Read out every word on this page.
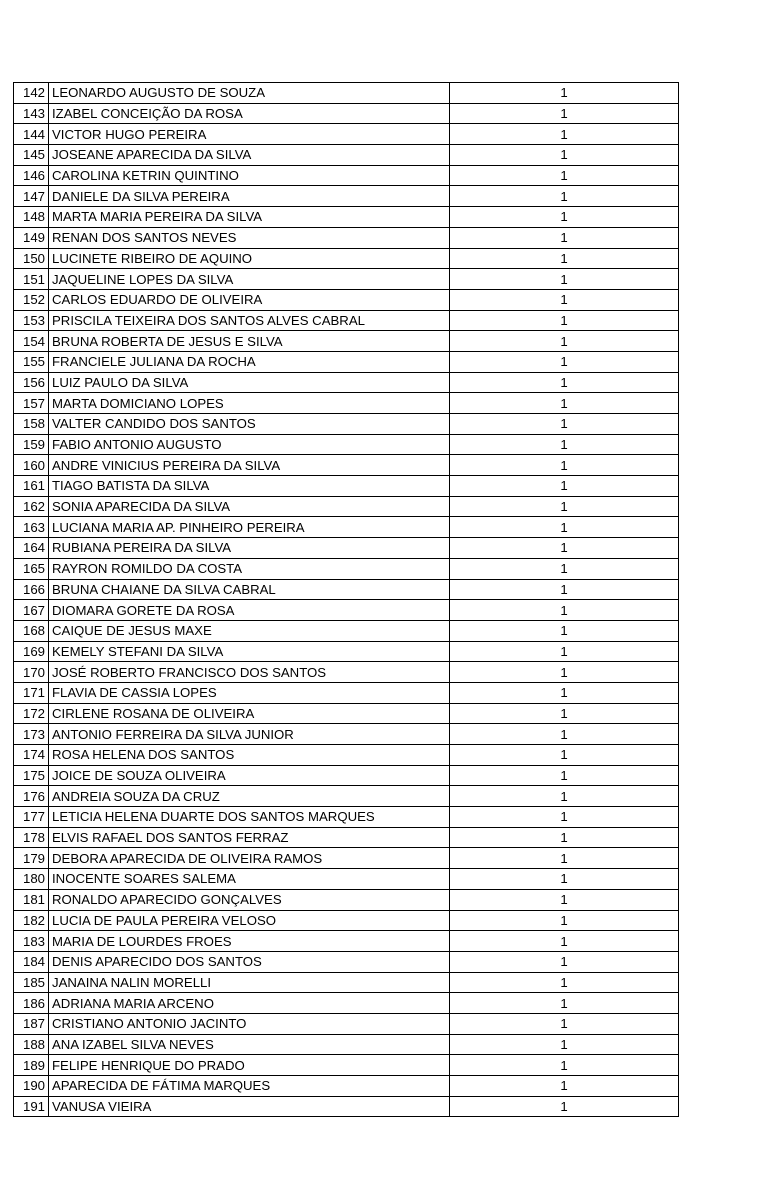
142	LEONARDO AUGUSTO DE SOUZA	1
143	IZABEL CONCEIÇÃO DA ROSA	1
144	VICTOR HUGO PEREIRA	1
145	JOSEANE APARECIDA DA SILVA	1
146	CAROLINA KETRIN QUINTINO	1
147	DANIELE DA SILVA PEREIRA	1
148	MARTA MARIA PEREIRA DA SILVA	1
149	RENAN DOS SANTOS NEVES	1
150	LUCINETE RIBEIRO DE AQUINO	1
151	JAQUELINE LOPES DA SILVA	1
152	CARLOS EDUARDO DE OLIVEIRA	1
153	PRISCILA TEIXEIRA DOS SANTOS ALVES CABRAL	1
154	BRUNA ROBERTA DE JESUS E SILVA	1
155	FRANCIELE JULIANA DA ROCHA	1
156	LUIZ PAULO DA SILVA	1
157	MARTA DOMICIANO LOPES	1
158	VALTER CANDIDO DOS SANTOS	1
159	FABIO ANTONIO AUGUSTO	1
160	ANDRE VINICIUS PEREIRA DA SILVA	1
161	TIAGO BATISTA DA SILVA	1
162	SONIA APARECIDA DA SILVA	1
163	LUCIANA MARIA AP. PINHEIRO PEREIRA	1
164	RUBIANA PEREIRA DA SILVA	1
165	RAYRON ROMILDO DA COSTA	1
166	BRUNA CHAIANE DA SILVA CABRAL	1
167	DIOMARA GORETE DA ROSA	1
168	CAIQUE DE JESUS MAXE	1
169	KEMELY STEFANI DA SILVA	1
170	JOSÉ ROBERTO FRANCISCO DOS SANTOS	1
171	FLAVIA DE CASSIA LOPES	1
172	CIRLENE ROSANA DE OLIVEIRA	1
173	ANTONIO FERREIRA DA SILVA JUNIOR	1
174	ROSA HELENA DOS SANTOS	1
175	JOICE DE SOUZA OLIVEIRA	1
176	ANDREIA SOUZA DA CRUZ	1
177	LETICIA HELENA DUARTE DOS SANTOS MARQUES	1
178	ELVIS RAFAEL DOS SANTOS FERRAZ	1
179	DEBORA APARECIDA DE OLIVEIRA RAMOS	1
180	INOCENTE SOARES SALEMA	1
181	RONALDO APARECIDO GONÇALVES	1
182	LUCIA DE PAULA PEREIRA VELOSO	1
183	MARIA DE LOURDES FROES	1
184	DENIS APARECIDO DOS SANTOS	1
185	JANAINA NALIN MORELLI	1
186	ADRIANA MARIA ARCENO	1
187	CRISTIANO ANTONIO JACINTO	1
188	ANA IZABEL SILVA NEVES	1
189	FELIPE HENRIQUE DO PRADO	1
190	APARECIDA DE FÁTIMA MARQUES	1
191	VANUSA VIEIRA	1
